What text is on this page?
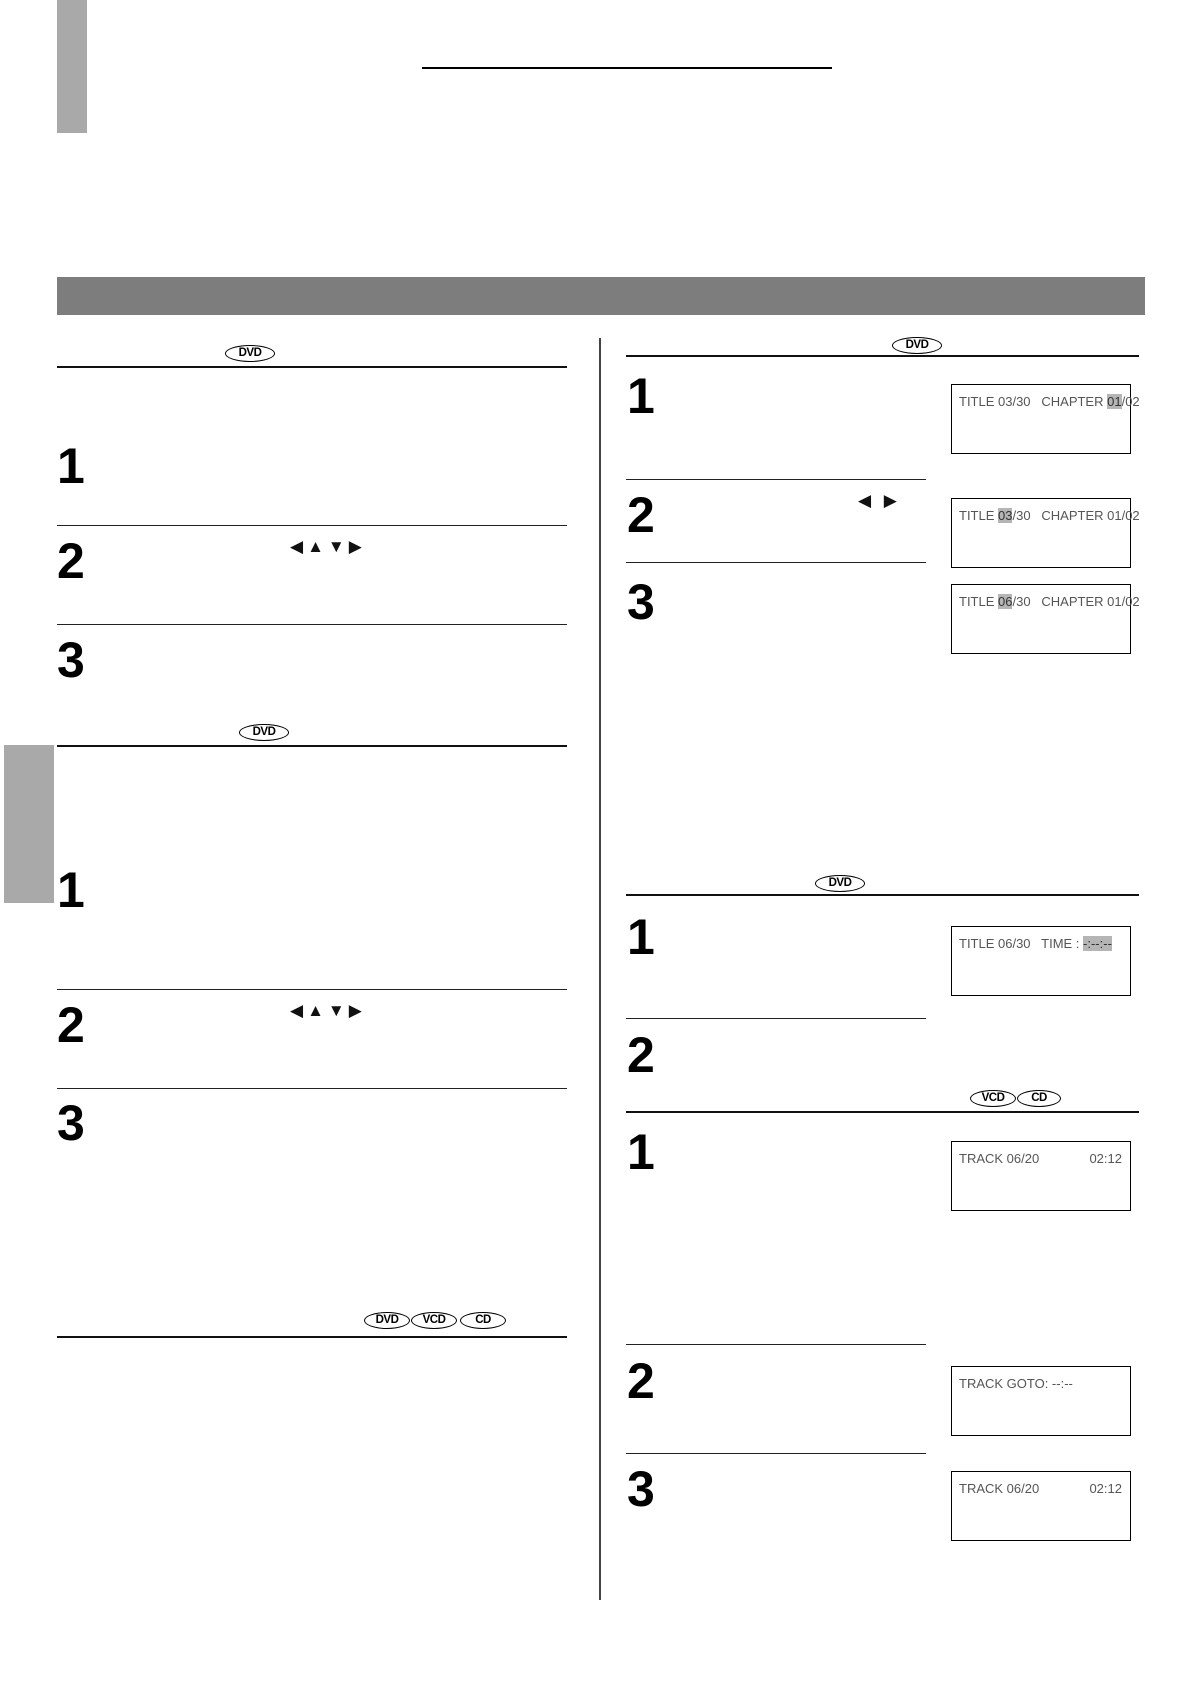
DVD
1
2	◀▲▼▶
3
DVD
1
2	◀▲▼▶
3
DVD	VCD	CD
DVD
1	TITLE 03/30   CHAPTER 01/02
2	◀ ▶
TITLE 03/30   CHAPTER 01/02
3	TITLE 06/30   CHAPTER 01/02
DVD
1	TITLE 06/30   TIME : -:--:--
2
VCD	CD
1	TRACK 06/20	02:12
2	TRACK GOTO: --:--
3	TRACK 06/20	02:12
